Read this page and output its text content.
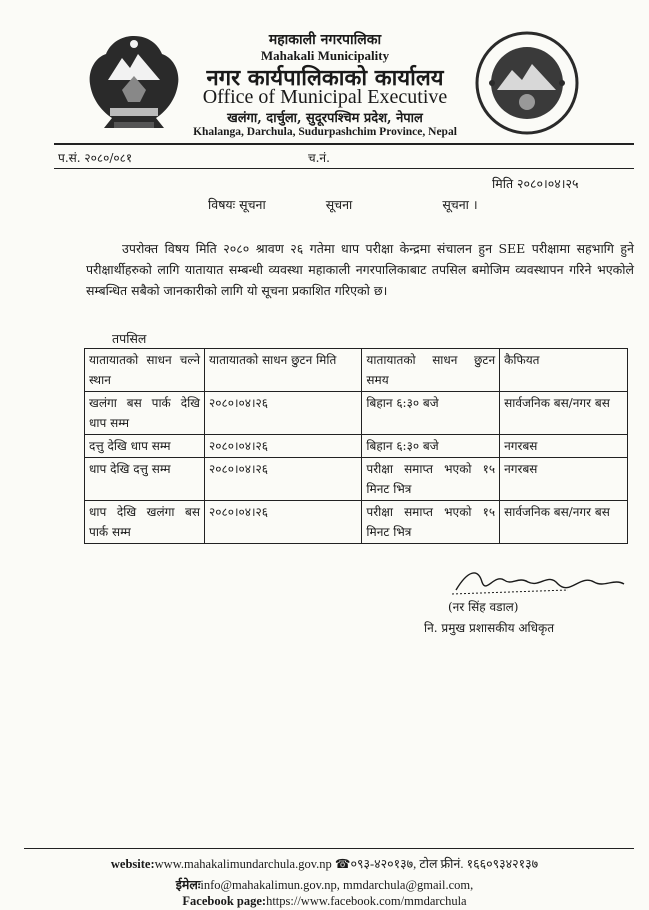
महाकाली नगरपालिका
Mahakali Municipality
नगर कार्यपालिकाको कार्यालय
Office of Municipal Executive
खलंगा, दार्चुला, सुदूरपश्चिम प्रदेश, नेपाल
Khalanga, Darchula, Sudurpashchim Province, Nepal
प.सं. २०८०/०८१	च.नं.
मिति २०८०।०४।२५
विषयः सूचना	सूचना	सूचना ।
उपरोक्त विषय मिति २०८० श्रावण २६ गतेमा धाप परीक्षा केन्द्रमा संचालन हुन SEE परीक्षामा सहभागि हुने परीक्षार्थीहरुको लागि यातायात सम्बन्धी व्यवस्था महाकाली नगरपालिकाबाट तपसिल बमोजिम व्यवस्थापन गरिने भएकोले सम्बन्धित सबैको जानकारीको लागि यो सूचना प्रकाशित गरिएको छ।
तपसिल
यातायातको साधन चल्ने स्थान	यातायातको साधन छुटन मिति	यातायातको साधन छुटन समय	कैफियत
खलंगा बस पार्क देखि धाप सम्म	२०८०।०४।२६	बिहान ६:३० बजे	सार्वजनिक बस/नगर बस
दत्तु देखि धाप सम्म	२०८०।०४।२६	बिहान ६:३० बजे	नगरबस
धाप देखि दत्तु सम्म	२०८०।०४।२६	परीक्षा समाप्त भएको १५ मिनट भित्र	नगरबस
धाप देखि खलंगा बस पार्क सम्म	२०८०।०४।२६	परीक्षा समाप्त भएको १५ मिनट भित्र	सार्वजनिक बस/नगर बस
(नर सिंह वडाल)
नि. प्रमुख प्रशासकीय अधिकृत
website:www.mahakalimundarchula.gov.np ☎०९३-४२०१३७, टोल फ्रीनं. १६६०९३४२१३७
ईमेलःinfo@mahakalimun.gov.np, mmdarchula@gmail.com,
Facebook page:https://www.facebook.com/mmdarchula
